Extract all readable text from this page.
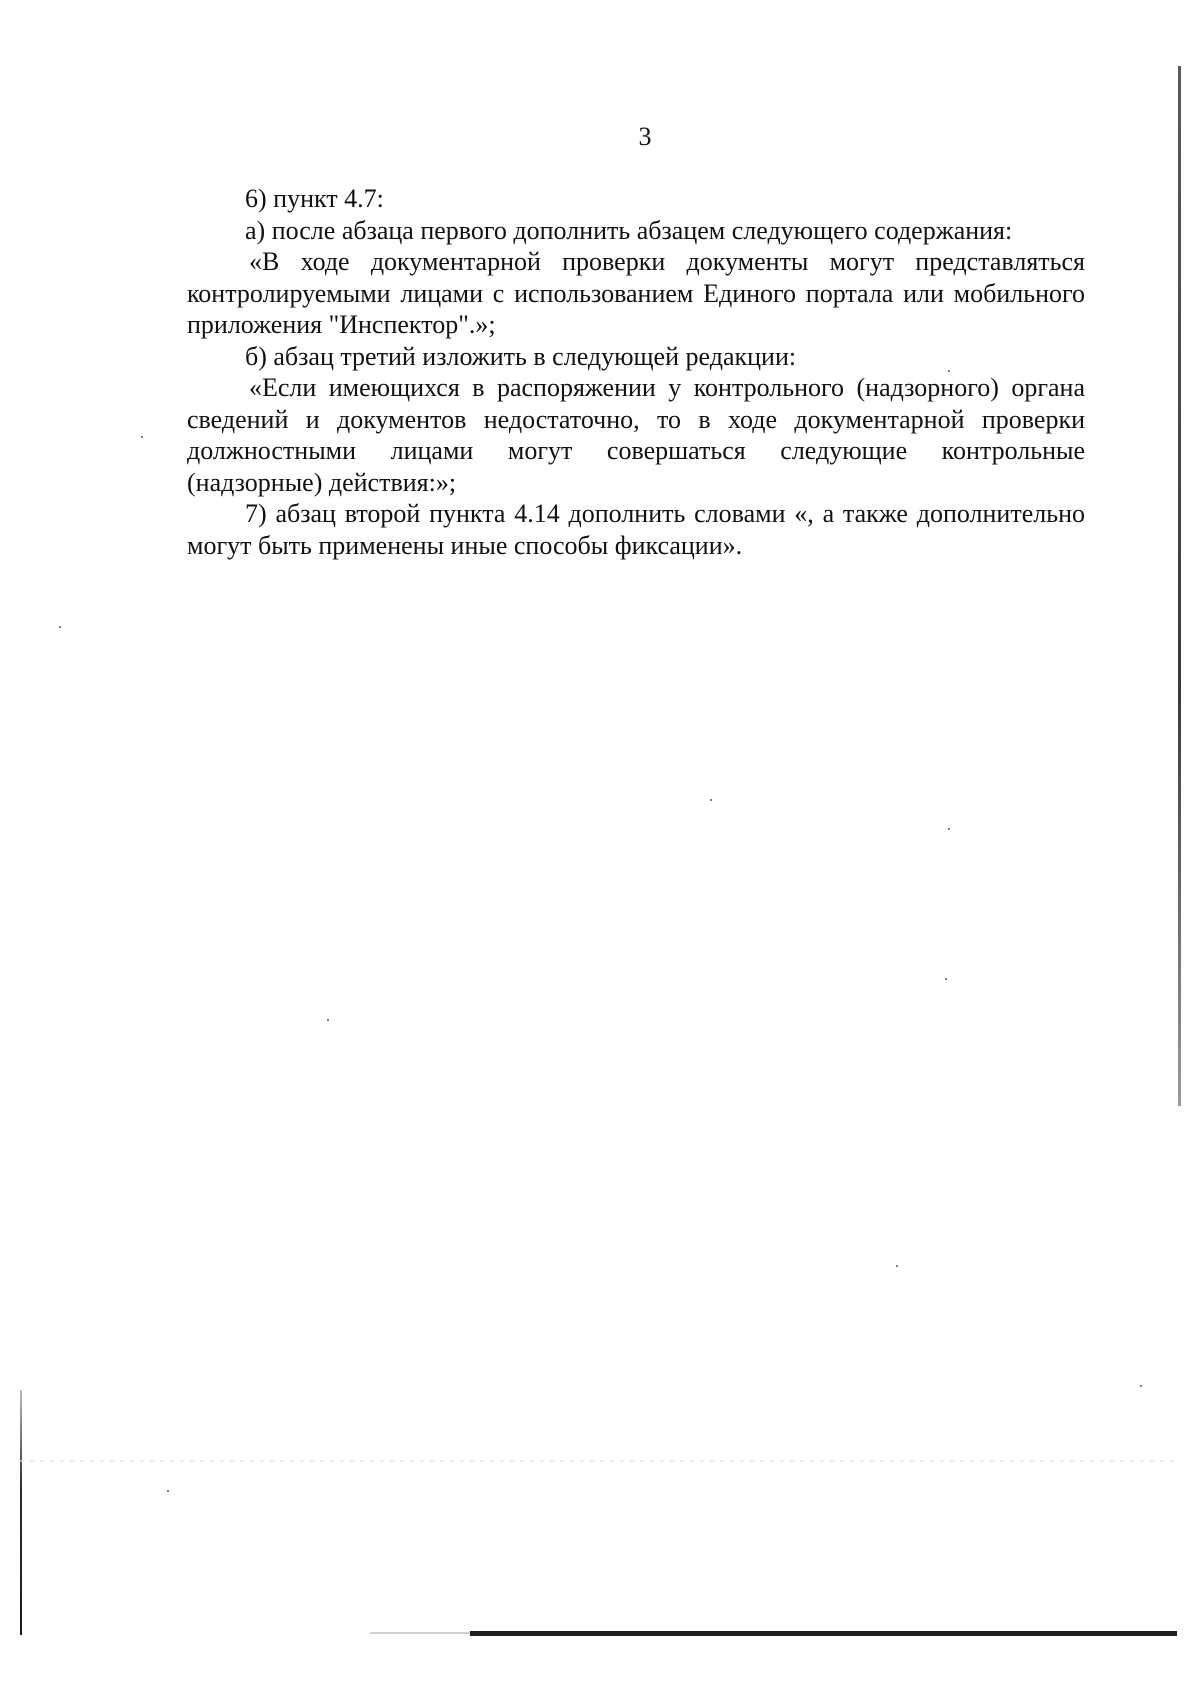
3

6) пункт 4.7:

а) после абзаца первого дополнить абзацем следующего содержания:

«В ходе документарной проверки документы могут представляться контролируемыми лицами с использованием Единого портала или мобильного приложения "Инспектор".»;

б) абзац третий изложить в следующей редакции:

«Если имеющихся в распоряжении у контрольного (надзорного) органа сведений и документов недостаточно, то в ходе документарной проверки должностными лицами могут совершаться следующие контрольные (надзорные) действия:»;

7) абзац второй пункта 4.14 дополнить словами «, а также дополнительно могут быть применены иные способы фиксации».
